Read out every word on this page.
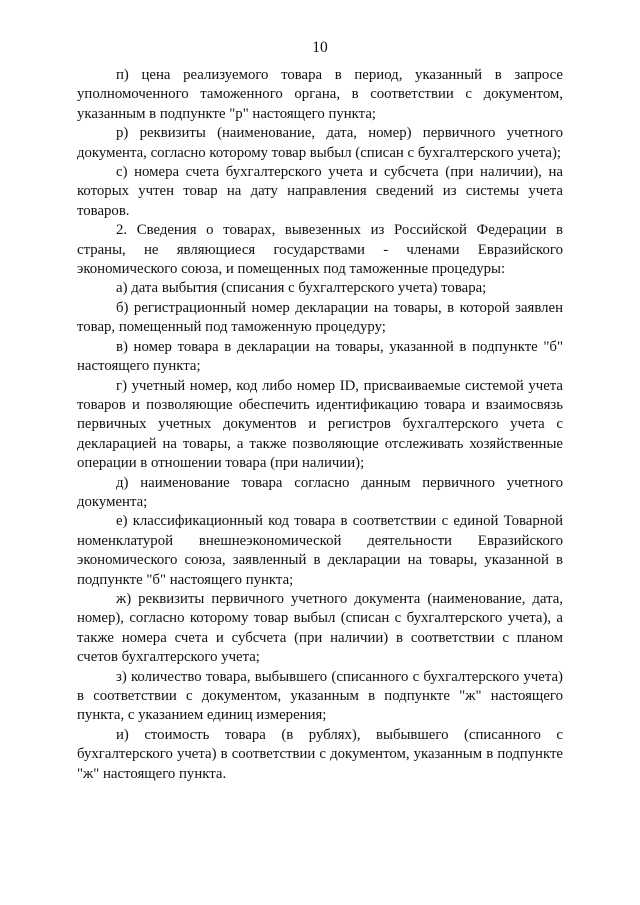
10

п) цена реализуемого товара в период, указанный в запросе уполномоченного таможенного органа, в соответствии с документом, указанным в подпункте "р" настоящего пункта;

р) реквизиты (наименование, дата, номер) первичного учетного документа, согласно которому товар выбыл (списан с бухгалтерского учета);

с) номера счета бухгалтерского учета и субсчета (при наличии), на которых учтен товар на дату направления сведений из системы учета товаров.

2. Сведения о товарах, вывезенных из Российской Федерации в страны, не являющиеся государствами - членами Евразийского экономического союза, и помещенных под таможенные процедуры:

а) дата выбытия (списания с бухгалтерского учета) товара;

б) регистрационный номер декларации на товары, в которой заявлен товар, помещенный под таможенную процедуру;

в) номер товара в декларации на товары, указанной в подпункте "б" настоящего пункта;

г) учетный номер, код либо номер ID, присваиваемые системой учета товаров и позволяющие обеспечить идентификацию товара и взаимосвязь первичных учетных документов и регистров бухгалтерского учета с декларацией на товары, а также позволяющие отслеживать хозяйственные операции в отношении товара (при наличии);

д) наименование товара согласно данным первичного учетного документа;

е) классификационный код товара в соответствии с единой Товарной номенклатурой внешнеэкономической деятельности Евразийского экономического союза, заявленный в декларации на товары, указанной в подпункте "б" настоящего пункта;

ж) реквизиты первичного учетного документа (наименование, дата, номер), согласно которому товар выбыл (списан с бухгалтерского учета), а также номера счета и субсчета (при наличии) в соответствии с планом счетов бухгалтерского учета;

з) количество товара, выбывшего (списанного с бухгалтерского учета) в соответствии с документом, указанным в подпункте "ж" настоящего пункта, с указанием единиц измерения;

и) стоимость товара (в рублях), выбывшего (списанного с бухгалтерского учета) в соответствии с документом, указанным в подпункте "ж" настоящего пункта.
